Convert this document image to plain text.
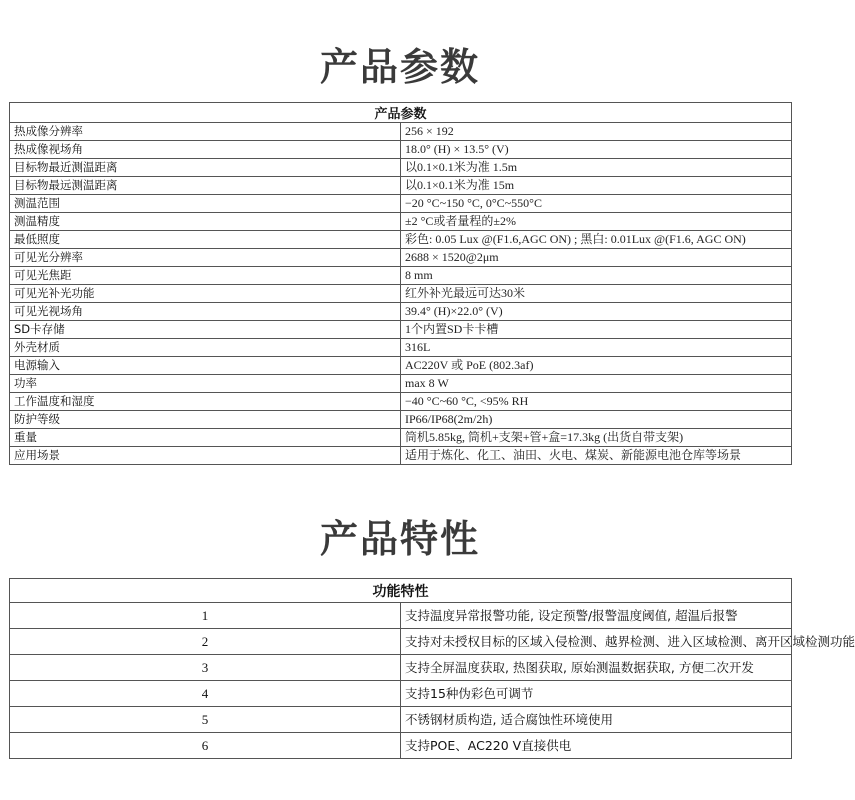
产品参数
产品参数	
热成像分辨率	256 × 192
热成像视场角	18.0° (H) × 13.5° (V)
目标物最近测温距离	以0.1×0.1米为准 1.5m
目标物最远测温距离	以0.1×0.1米为准 15m
测温范围	−20 °C~150 °C, 0°C~550°C
测温精度	±2 °C或者量程的±2%
最低照度	彩色: 0.05 Lux @(F1.6,AGC ON) ; 黑白: 0.01Lux @(F1.6, AGC ON)
可见光分辨率	2688 × 1520@2μm
可见光焦距	8 mm
可见光补光功能	红外补光最远可达30米
可见光视场角	39.4° (H)×22.0° (V)
SD卡存储	1个内置SD卡卡槽
外壳材质	316L
电源输入	AC220V 或 PoE (802.3af)
功率	max 8 W
工作温度和湿度	−40 °C~60 °C, <95% RH
防护等级	IP66/IP68(2m/2h)
重量	筒机5.85kg, 筒机+支架+管+盒=17.3kg (出货自带支架)
应用场景	适用于炼化、化工、油田、火电、煤炭、新能源电池仓库等场景
产品特性
功能特性	
1	支持温度异常报警功能, 设定预警/报警温度阈值, 超温后报警
2	支持对未授权目标的区域入侵检测、越界检测、进入区域检测、离开区域检测功能
3	支持全屏温度获取, 热图获取, 原始测温数据获取, 方便二次开发
4	支持15种伪彩色可调节
5	不锈钢材质构造, 适合腐蚀性环境使用
6	支持POE、AC220 V直接供电
